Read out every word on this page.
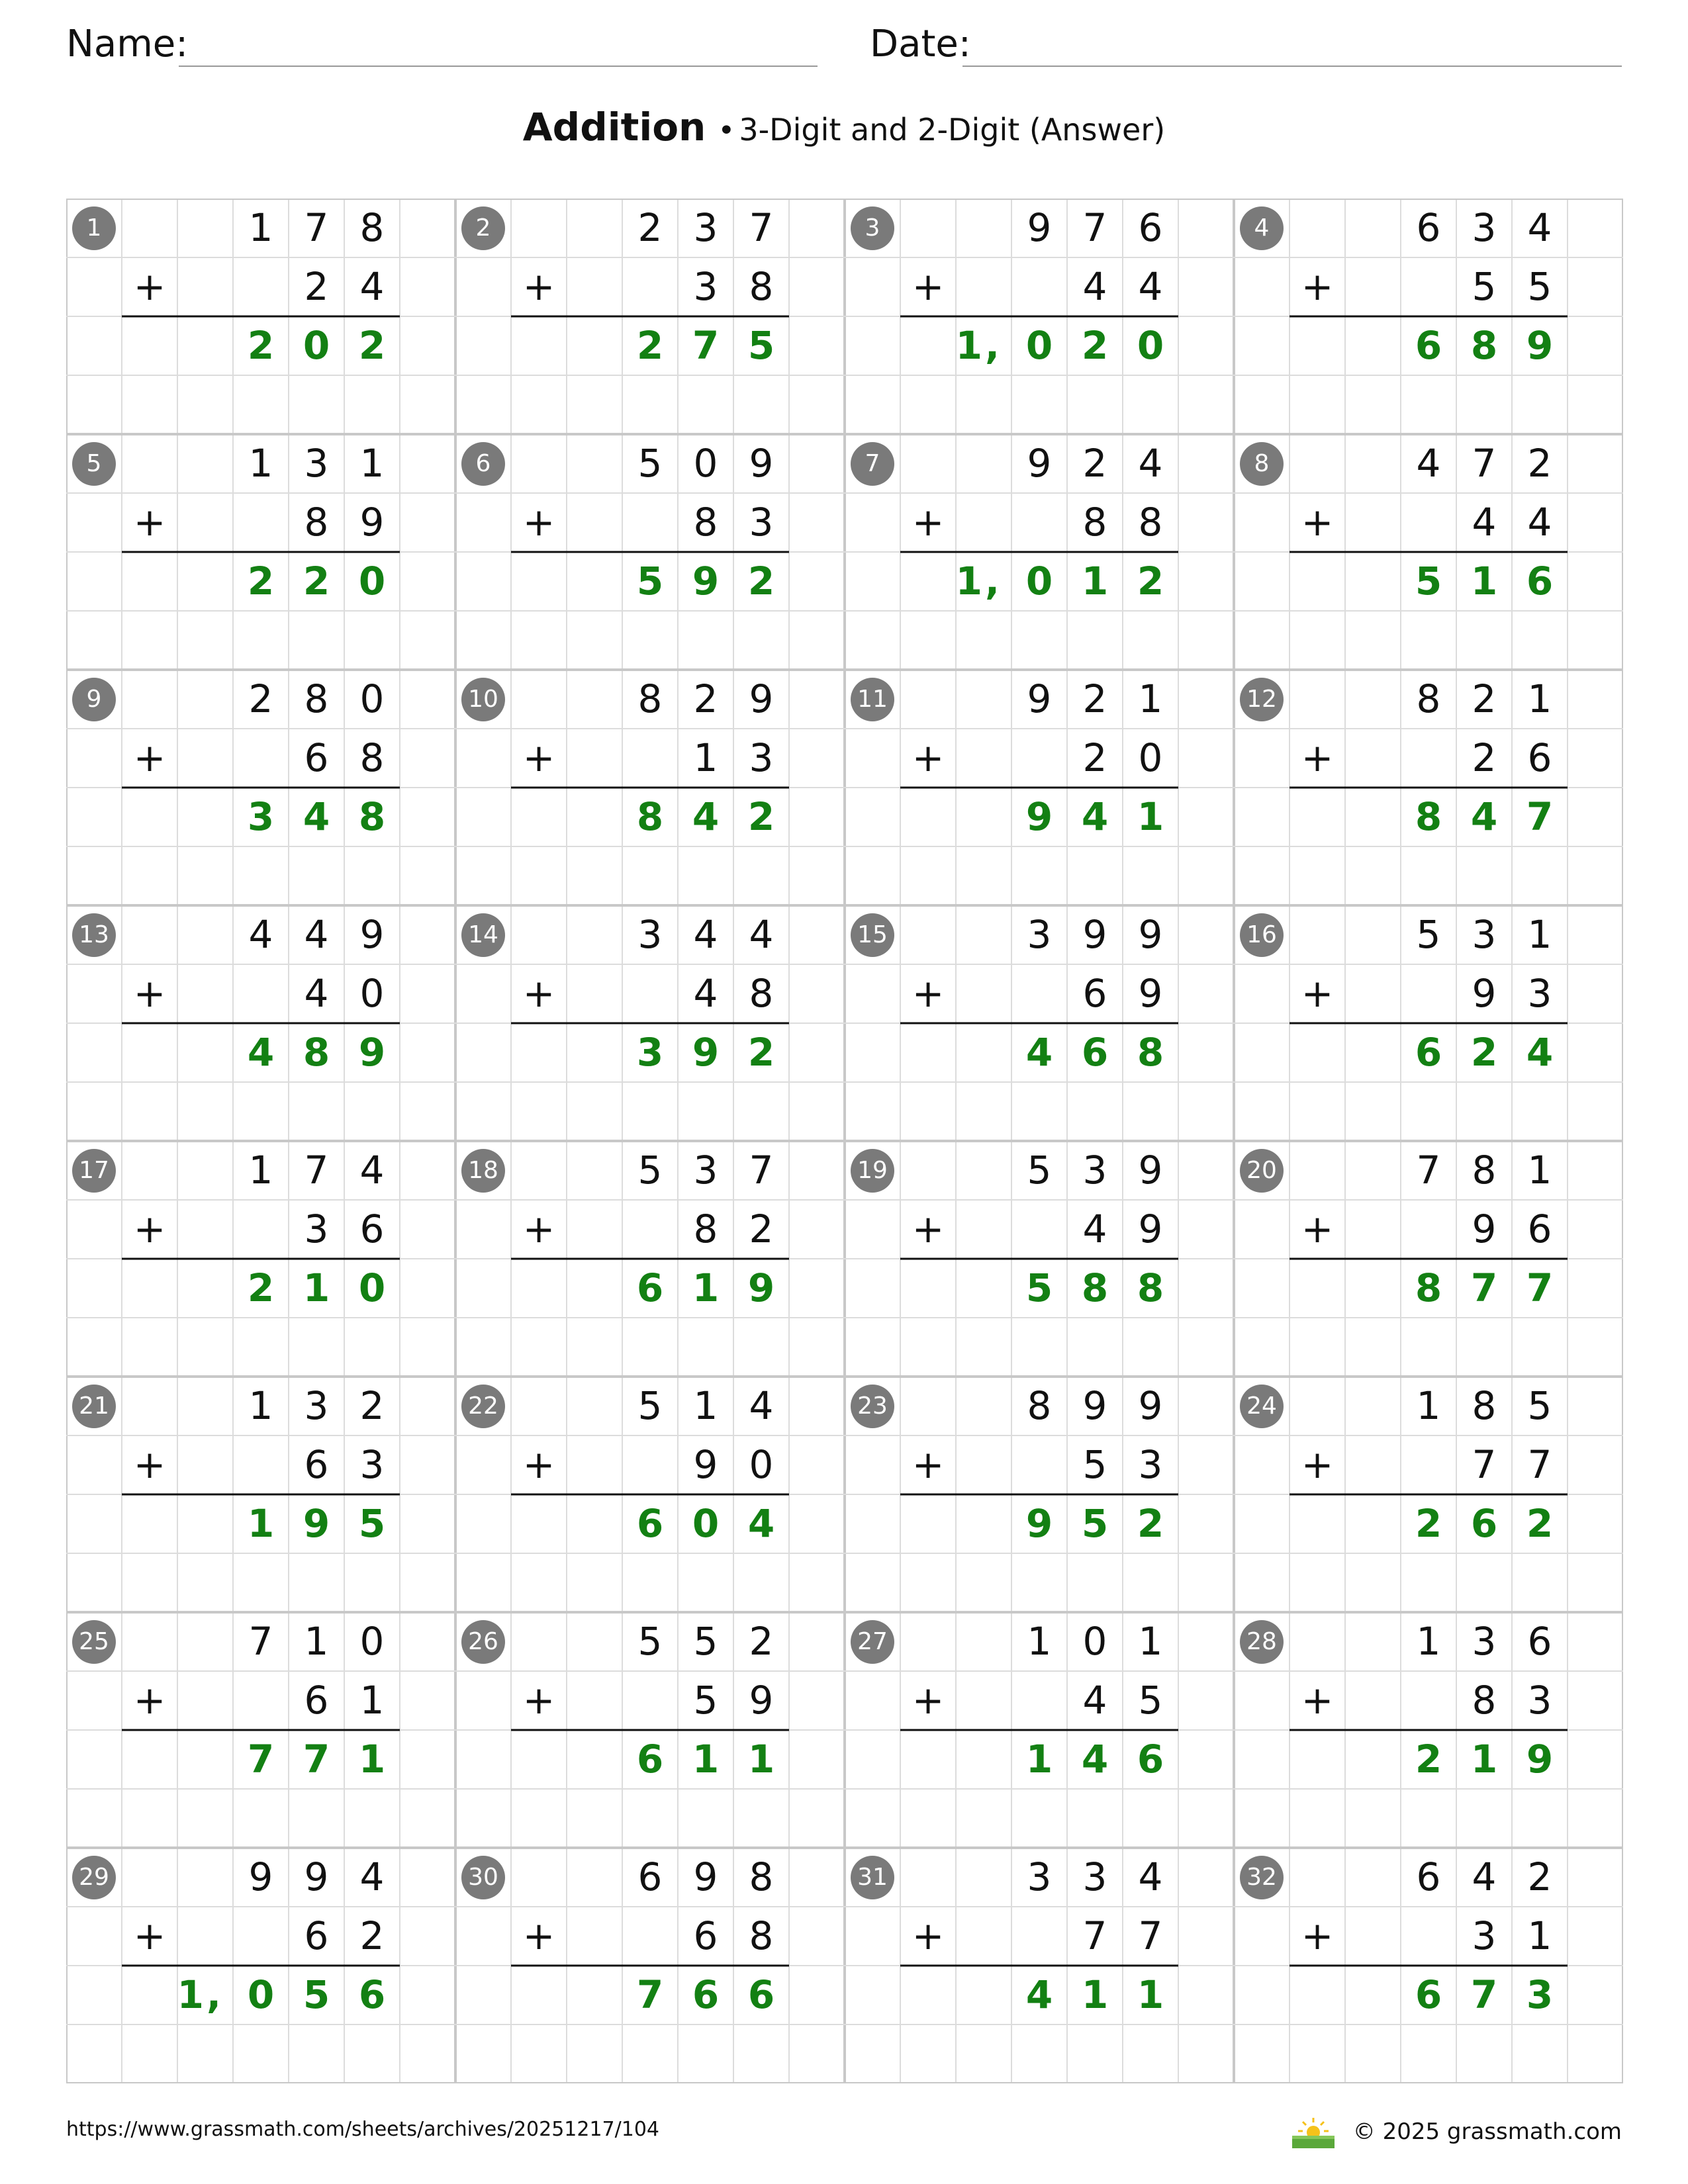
Name:	Date:
Addition • 3-Digit and 2-Digit (Answer)
1	1 7 8
2 4
2 0 2
+
2	2 3 7
3 8
2 7 5
+
3	9 7 6
4 4
1, 0 2 0
+
4	6 3 4
5 5
6 8 9
+
5	1 3 1
8 9
2 2 0
+
6	5 0 9
8 3
5 9 2
+
7	9 2 4
8 8
1, 0 1 2
+
8	4 7 2
4 4
5 1 6
+
9	2 8 0
6 8
3 4 8
+
10	8 2 9
1 3
8 4 2
+
11	9 2 1
2 0
9 4 1
+
12	8 2 1
2 6
8 4 7
+
13	4 4 9
4 0
4 8 9
+
14	3 4 4
4 8
3 9 2
+
15	3 9 9
6 9
4 6 8
+
16	5 3 1
9 3
6 2 4
+
17	1 7 4
3 6
2 1 0
+
18	5 3 7
8 2
6 1 9
+
19	5 3 9
4 9
5 8 8
+
20	7 8 1
9 6
8 7 7
+
21	1 3 2
6 3
1 9 5
+
22	5 1 4
9 0
6 0 4
+
23	8 9 9
5 3
9 5 2
+
24	1 8 5
7 7
2 6 2
+
25	7 1 0
6 1
7 7 1
+
26	5 5 2
5 9
6 1 1
+
27	1 0 1
4 5
1 4 6
+
28	1 3 6
8 3
2 1 9
+
29	9 9 4
6 2
1, 0 5 6
+
30	6 9 8
6 8
7 6 6
+
31	3 3 4
7 7
4 1 1
+
32	6 4 2
3 1
6 7 3
+
https://www.grassmath.com/sheets/archives/20251217/104	© 2025 grassmath.com
